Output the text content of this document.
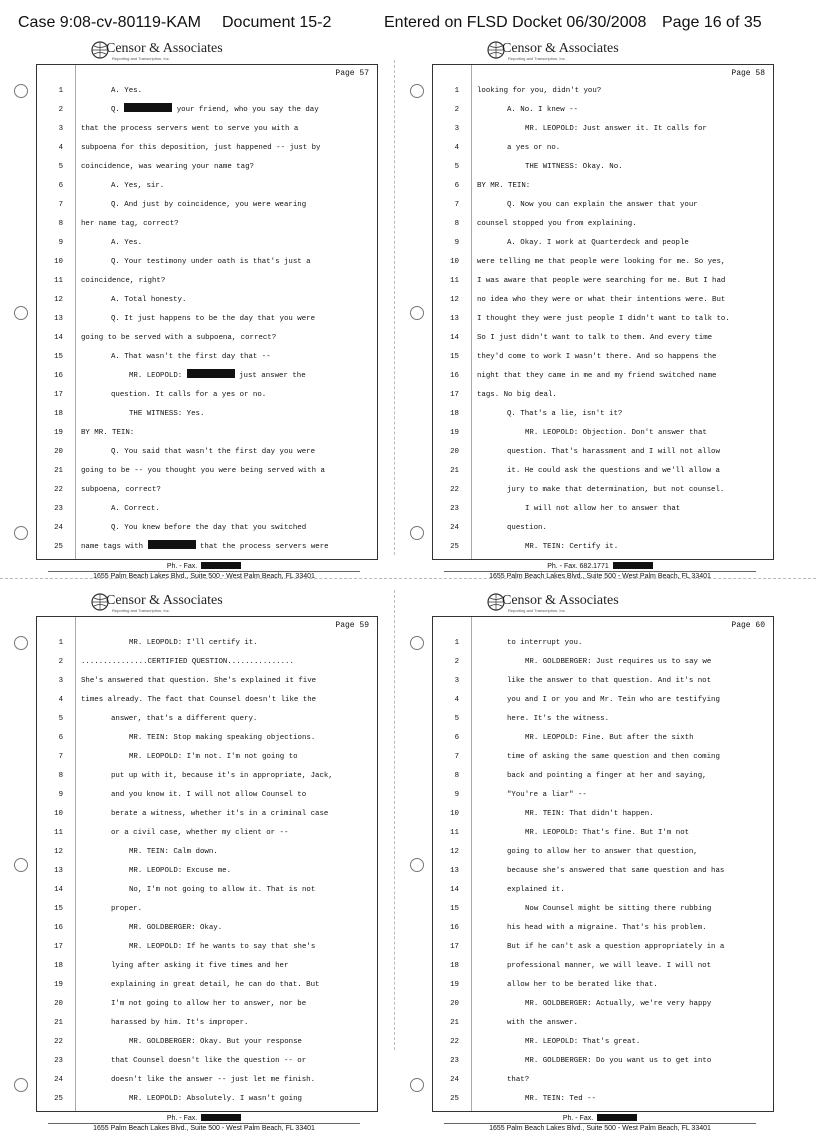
Case 9:08-cv-80119-KAM Document 15-2	Entered on FLSD Docket 06/30/2008 Page 16 of 35
Censor & Associates
Reporting and Transcription, Inc.
Page 57
1	A. Yes.
2	Q.	your friend, who you say the day
3 that the process servers went to serve you with a
4 subpoena for this deposition, just happened -- just by
5 coincidence, was wearing your name tag?
6	A. Yes, sir.
7	Q. And just by coincidence, you were wearing
8 her name tag, correct?
9	A. Yes.
10	Q. Your testimony under oath is that's just a
11 coincidence, right?
12	A. Total honesty.
13	Q. It just happens to be the day that you were
14 going to be served with a subpoena, correct?
15	A. That wasn't the first day that --
16	MR. LEOPOLD:	just answer the
17	question. It calls for a yes or no.
18	THE WITNESS: Yes.
19 BY MR. TEIN:
20	Q. You said that wasn't the first day you were
21 going to be -- you thought you were being served with a
22 subpoena, correct?
23	A. Correct.
24	Q. You knew before the day that you switched
25 name tags with	that the process servers were
Ph. - Fax.
1655 Palm Beach Lakes Blvd., Suite 500 - West Palm Beach, FL 33401
Censor & Associates
Reporting and Transcription, Inc.
Page 58
1 looking for you, didn't you?
2	A. No. I knew --
3	MR. LEOPOLD: Just answer it. It calls for
4	a yes or no.
5	THE WITNESS: Okay. No.
6 BY MR. TEIN:
7	Q. Now you can explain the answer that your
8 counsel stopped you from explaining.
9	A. Okay. I work at Quarterdeck and people
10 were telling me that people were looking for me. So yes,
11 I was aware that people were searching for me. But I had
12 no idea who they were or what their intentions were. But
13 I thought they were just people I didn't want to talk to.
14 So I just didn't want to talk to them. And every time
15 they'd come to work I wasn't there. And so happens the
16 night that they came in me and my friend switched name
17 tags. No big deal.
18	Q. That's a lie, isn't it?
19	MR. LEOPOLD: Objection. Don't answer that
20	question. That's harassment and I will not allow
21	it. He could ask the questions and we'll allow a
22	jury to make that determination, but not counsel.
23	I will not allow her to answer that
24	question.
25	MR. TEIN: Certify it.
Ph. - Fax. 682.1771
1655 Palm Beach Lakes Blvd., Suite 500 - West Palm Beach, FL 33401
Censor & Associates
Reporting and Transcription, Inc.
Page 59
1	MR. LEOPOLD: I'll certify it.
2 ...............CERTIFIED QUESTION...............
3 She's answered that question. She's explained it five
4 times already. The fact that Counsel doesn't like the
5	answer, that's a different query.
6	MR. TEIN: Stop making speaking objections.
7	MR. LEOPOLD: I'm not. I'm not going to
8	put up with it, because it's in appropriate, Jack,
9	and you know it. I will not allow Counsel to
10	berate a witness, whether it's in a criminal case
11	or a civil case, whether my client or --
12	MR. TEIN: Calm down.
13	MR. LEOPOLD: Excuse me.
14	No, I'm not going to allow it. That is not
15	proper.
16	MR. GOLDBERGER: Okay.
17	MR. LEOPOLD: If he wants to say that she's
18	lying after asking it five times and her
19	explaining in great detail, he can do that. But
20	I'm not going to allow her to answer, nor be
21	harassed by him. It's improper.
22	MR. GOLDBERGER: Okay. But your response
23	that Counsel doesn't like the question -- or
24	doesn't like the answer -- just let me finish.
25	MR. LEOPOLD: Absolutely. I wasn't going
Ph. - Fax.
1655 Palm Beach Lakes Blvd., Suite 500 - West Palm Beach, FL 33401
Censor & Associates
Reporting and Transcription, Inc.
Page 60
1	to interrupt you.
2	MR. GOLDBERGER: Just requires us to say we
3	like the answer to that question. And it's not
4	you and I or you and Mr. Tein who are testifying
5	here. It's the witness.
6	MR. LEOPOLD: Fine. But after the sixth
7	time of asking the same question and then coming
8	back and pointing a finger at her and saying,
9	"You're a liar" --
10	MR. TEIN: That didn't happen.
11	MR. LEOPOLD: That's fine. But I'm not
12	going to allow her to answer that question,
13	because she's answered that same question and has
14	explained it.
15	Now Counsel might be sitting there rubbing
16	his head with a migraine. That's his problem.
17	But if he can't ask a question appropriately in a
18	professional manner, we will leave. I will not
19	allow her to be berated like that.
20	MR. GOLDBERGER: Actually, we're very happy
21	with the answer.
22	MR. LEOPOLD: That's great.
23	MR. GOLDBERGER: Do you want us to get into
24	that?
25	MR. TEIN: Ted --
Ph. - Fax.
1655 Palm Beach Lakes Blvd., Suite 500 - West Palm Beach, FL 33401
